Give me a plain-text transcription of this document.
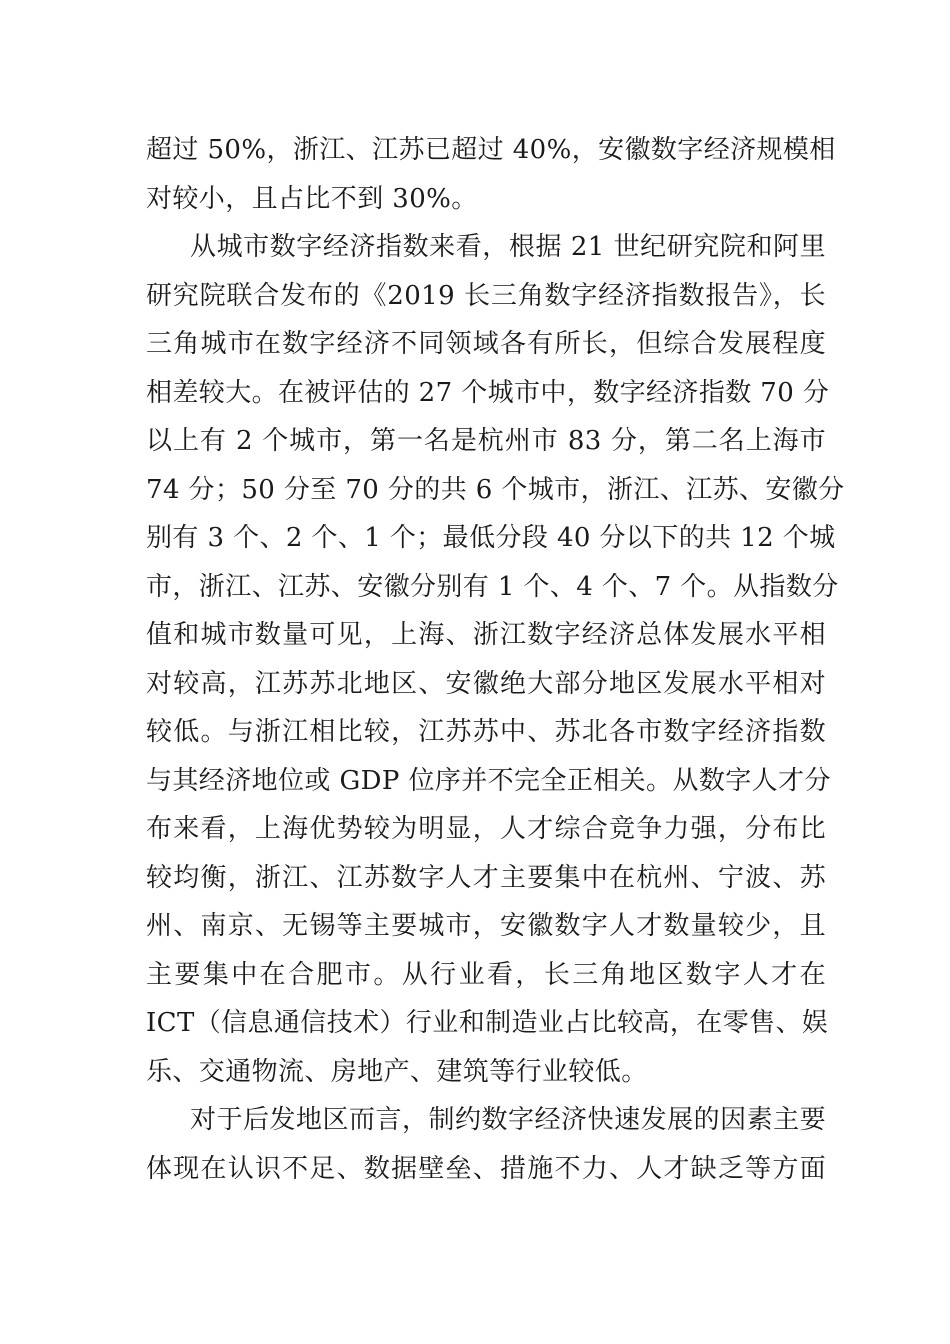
超过 50%，浙江、江苏已超过 40%，安徽数字经济规模相
对较小，且占比不到 30%。
从城市数字经济指数来看，根据 21 世纪研究院和阿里
研究院联合发布的《2019 长三角数字经济指数报告》，长
三角城市在数字经济不同领域各有所长，但综合发展程度
相差较大。在被评估的 27 个城市中，数字经济指数 70 分
以上有 2 个城市，第一名是杭州市 83 分，第二名上海市
74 分；50 分至 70 分的共 6 个城市，浙江、江苏、安徽分
别有 3 个、2 个、1 个；最低分段 40 分以下的共 12 个城
市，浙江、江苏、安徽分别有 1 个、4 个、7 个。从指数分
值和城市数量可见，上海、浙江数字经济总体发展水平相
对较高，江苏苏北地区、安徽绝大部分地区发展水平相对
较低。与浙江相比较，江苏苏中、苏北各市数字经济指数
与其经济地位或 GDP 位序并不完全正相关。从数字人才分
布来看，上海优势较为明显，人才综合竞争力强，分布比
较均衡，浙江、江苏数字人才主要集中在杭州、宁波、苏
州、南京、无锡等主要城市，安徽数字人才数量较少，且
主要集中在合肥市。从行业看，长三角地区数字人才在
ICT（信息通信技术）行业和制造业占比较高，在零售、娱
乐、交通物流、房地产、建筑等行业较低。
对于后发地区而言，制约数字经济快速发展的因素主要
体现在认识不足、数据壁垒、措施不力、人才缺乏等方面
